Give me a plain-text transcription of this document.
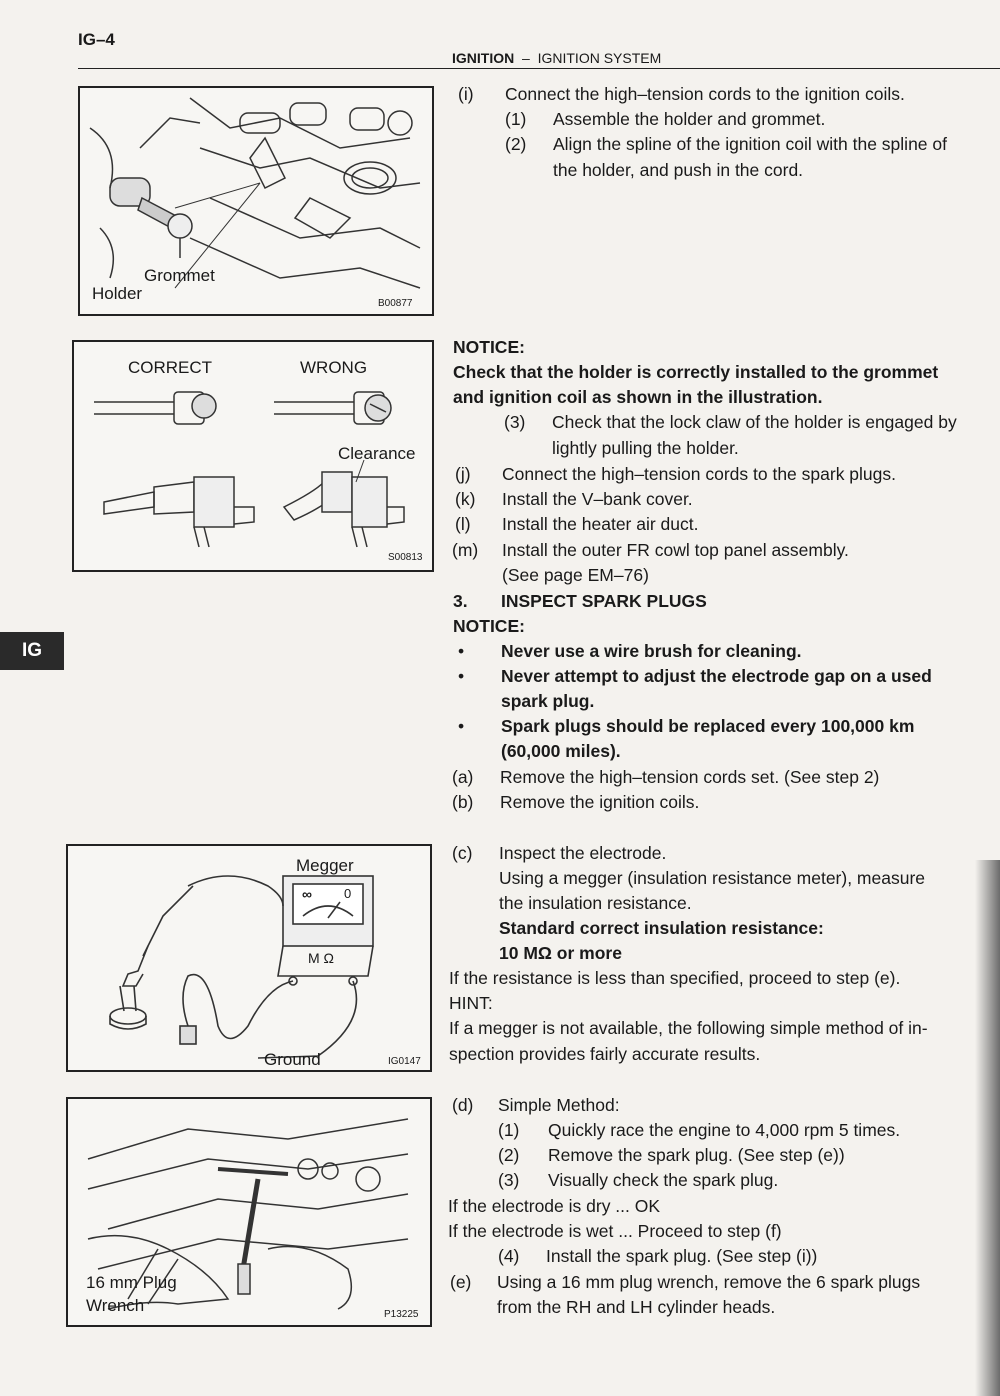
IG–4
IGNITION – IGNITION SYSTEM
IG
Grommet
Holder
B00877
CORRECT	WRONG
Clearance
S00813
Megger
∞ 0
M Ω
Ground	IG0147
16 mm Plug
Wrench	P13225
(i) Connect the high–tension cords to the ignition coils.
(1) Assemble the holder and grommet.
(2) Align the spline of the ignition coil with the spline of
the holder, and push in the cord.
NOTICE:
Check that the holder is correctly installed to the grommet
and ignition coil as shown in the illustration.
(3) Check that the lock claw of the holder is engaged by
lightly pulling the holder.
(j) Connect the high–tension cords to the spark plugs.
(k) Install the V–bank cover.
(l) Install the heater air duct.
(m) Install the outer FR cowl top panel assembly.
(See page EM–76)
3. INSPECT SPARK PLUGS
NOTICE:
• Never use a wire brush for cleaning.
• Never attempt to adjust the electrode gap on a used
spark plug.
• Spark plugs should be replaced every 100,000 km
(60,000 miles).
(a) Remove the high–tension cords set. (See step 2)
(b) Remove the ignition coils.
(c) Inspect the electrode.
Using a megger (insulation resistance meter), measure
the insulation resistance.
Standard correct insulation resistance:
10 MΩ or more
If the resistance is less than specified, proceed to step (e).
HINT:
If a megger is not available, the following simple method of in-
spection provides fairly accurate results.
(d) Simple Method:
(1) Quickly race the engine to 4,000 rpm 5 times.
(2) Remove the spark plug. (See step (e))
(3) Visually check the spark plug.
If the electrode is dry ... OK
If the electrode is wet ... Proceed to step (f)
(4) Install the spark plug. (See step (i))
(e) Using a 16 mm plug wrench, remove the 6 spark plugs
from the RH and LH cylinder heads.
